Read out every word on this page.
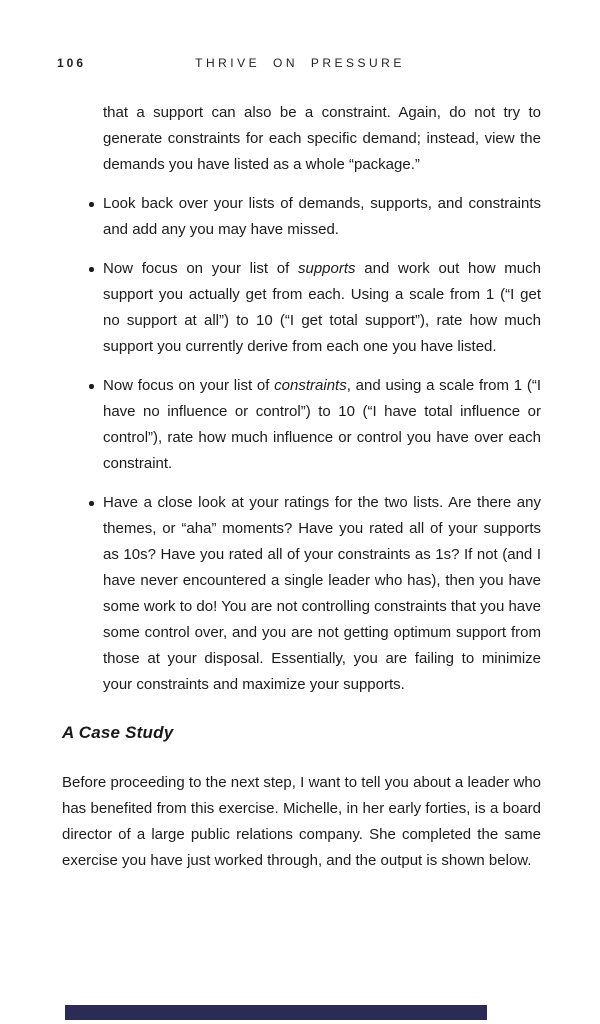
106	THRIVE ON PRESSURE

that a support can also be a constraint. Again, do not try to generate constraints for each specific demand; instead, view the demands you have listed as a whole “package.”

Look back over your lists of demands, supports, and constraints and add any you may have missed.
Now focus on your list of supports and work out how much support you actually get from each. Using a scale from 1 (“I get no support at all”) to 10 (“I get total support”), rate how much support you currently derive from each one you have listed.
Now focus on your list of constraints, and using a scale from 1 (“I have no influence or control”) to 10 (“I have total influence or control”), rate how much influence or control you have over each constraint.
Have a close look at your ratings for the two lists. Are there any themes, or “aha” moments? Have you rated all of your supports as 10s? Have you rated all of your constraints as 1s? If not (and I have never encountered a single leader who has), then you have some work to do! You are not controlling constraints that you have some control over, and you are not getting optimum support from those at your disposal. Essentially, you are failing to minimize your constraints and maximize your supports.
A Case Study

Before proceeding to the next step, I want to tell you about a leader who has benefited from this exercise. Michelle, in her early forties, is a board director of a large public relations company. She completed the same exercise you have just worked through, and the output is shown below.
